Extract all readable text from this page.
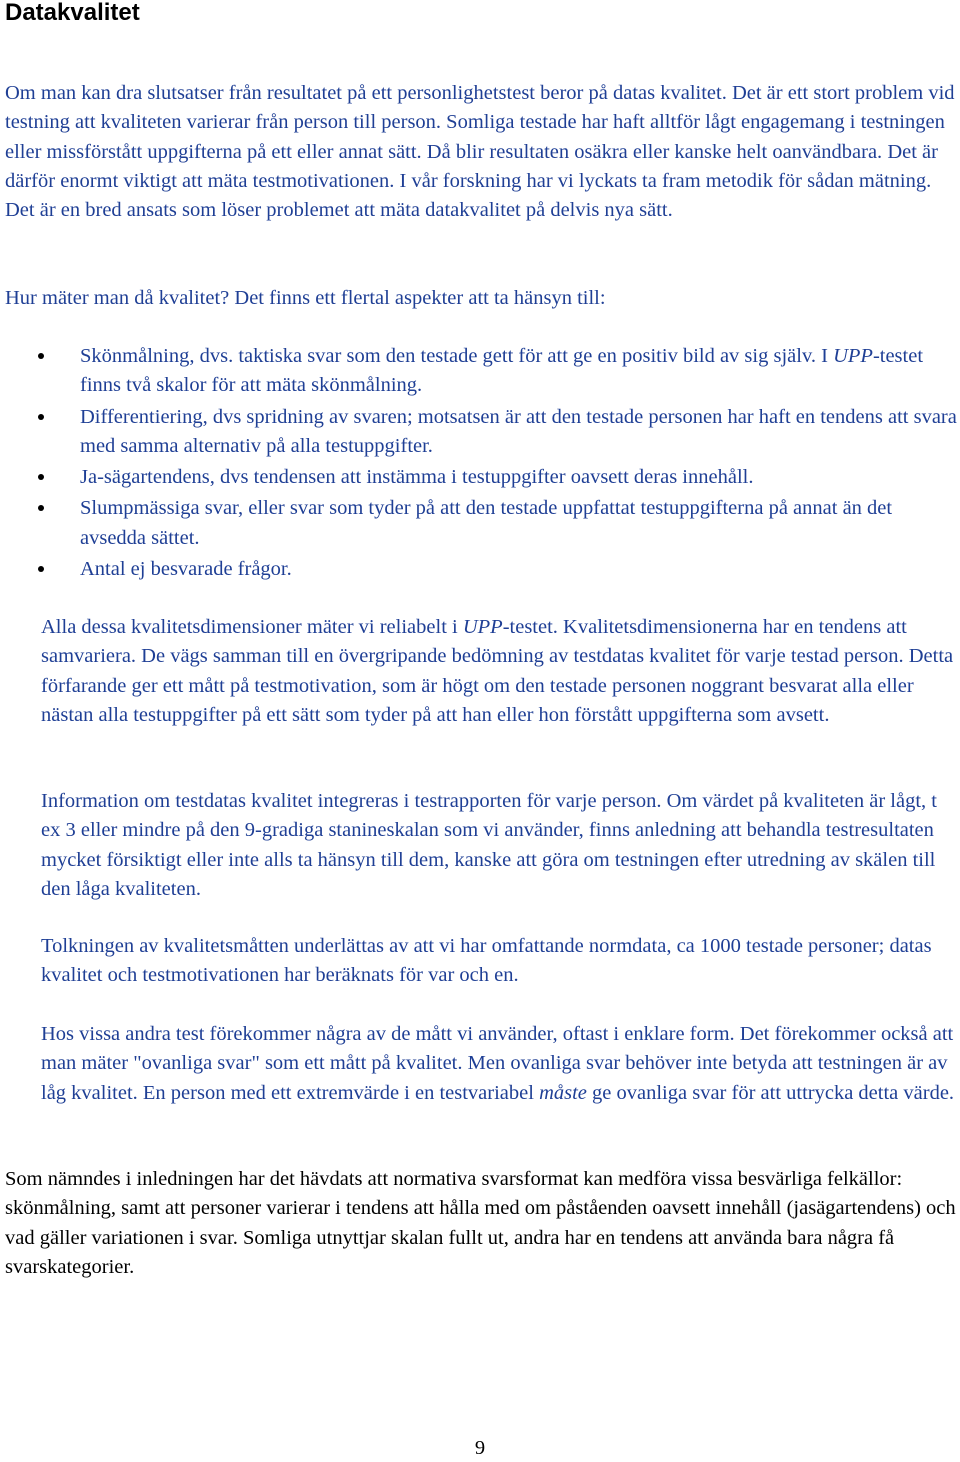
Datakvalitet

Om man kan dra slutsatser från resultatet på ett personlighetstest beror på datas kvalitet. Det är ett stort problem vid testning att kvaliteten varierar från person till person. Somliga testade har haft alltför lågt engagemang i testningen eller missförstått uppgifterna på ett eller annat sätt. Då blir resultaten osäkra eller kanske helt oanvändbara. Det är därför enormt viktigt att mäta testmotivationen. I vår forskning har vi lyckats ta fram metodik för sådan mätning. Det är en bred ansats som löser problemet att mäta datakvalitet på delvis nya sätt.

Hur mäter man då kvalitet? Det finns ett flertal aspekter att ta hänsyn till:

Skönmålning, dvs. taktiska svar som den testade gett för att ge en positiv bild av sig själv. I UPP-testet finns två skalor för att mäta skönmålning.
Differentiering, dvs spridning av svaren; motsatsen är att den testade personen har haft en tendens att svara med samma alternativ på alla testuppgifter.
Ja-sägartendens, dvs tendensen att instämma i testuppgifter oavsett deras innehåll.
Slumpmässiga svar, eller svar som tyder på att den testade uppfattat testuppgifterna på annat än det avsedda sättet.
Antal ej besvarade frågor.

Alla dessa kvalitetsdimensioner mäter vi reliabelt i UPP-testet. Kvalitetsdimensionerna har en tendens att samvariera. De vägs samman till en övergripande bedömning av testdatas kvalitet för varje testad person. Detta förfarande ger ett mått på testmotivation, som är högt om den testade personen noggrant besvarat alla eller nästan alla testuppgifter på ett sätt som tyder på att han eller hon förstått uppgifterna som avsett.

Information om testdatas kvalitet integreras i testrapporten för varje person. Om värdet på kvaliteten är lågt, t ex 3 eller mindre på den 9-gradiga stanineskalan som vi använder, finns anledning att behandla testresultaten mycket försiktigt eller inte alls ta hänsyn till dem, kanske att göra om testningen efter utredning av skälen till den låga kvaliteten.

Tolkningen av kvalitetsmåtten underlättas av att vi har omfattande normdata, ca 1000 testade personer; datas kvalitet och testmotivationen har beräknats för var och en.

Hos vissa andra test förekommer några av de mått vi använder, oftast i enklare form. Det förekommer också att man mäter "ovanliga svar" som ett mått på kvalitet. Men ovanliga svar behöver inte betyda att testningen är av låg kvalitet. En person med ett extremvärde i en testvariabel måste ge ovanliga svar för att uttrycka detta värde.

Som nämndes i inledningen har det hävdats att normativa svarsformat kan medföra vissa besvärliga felkällor: skönmålning, samt att personer varierar i tendens att hålla med om påståenden oavsett innehåll (jasägartendens) och vad gäller variationen i svar. Somliga utnyttjar skalan fullt ut, andra har en tendens att använda bara några få svarskategorier.

9
